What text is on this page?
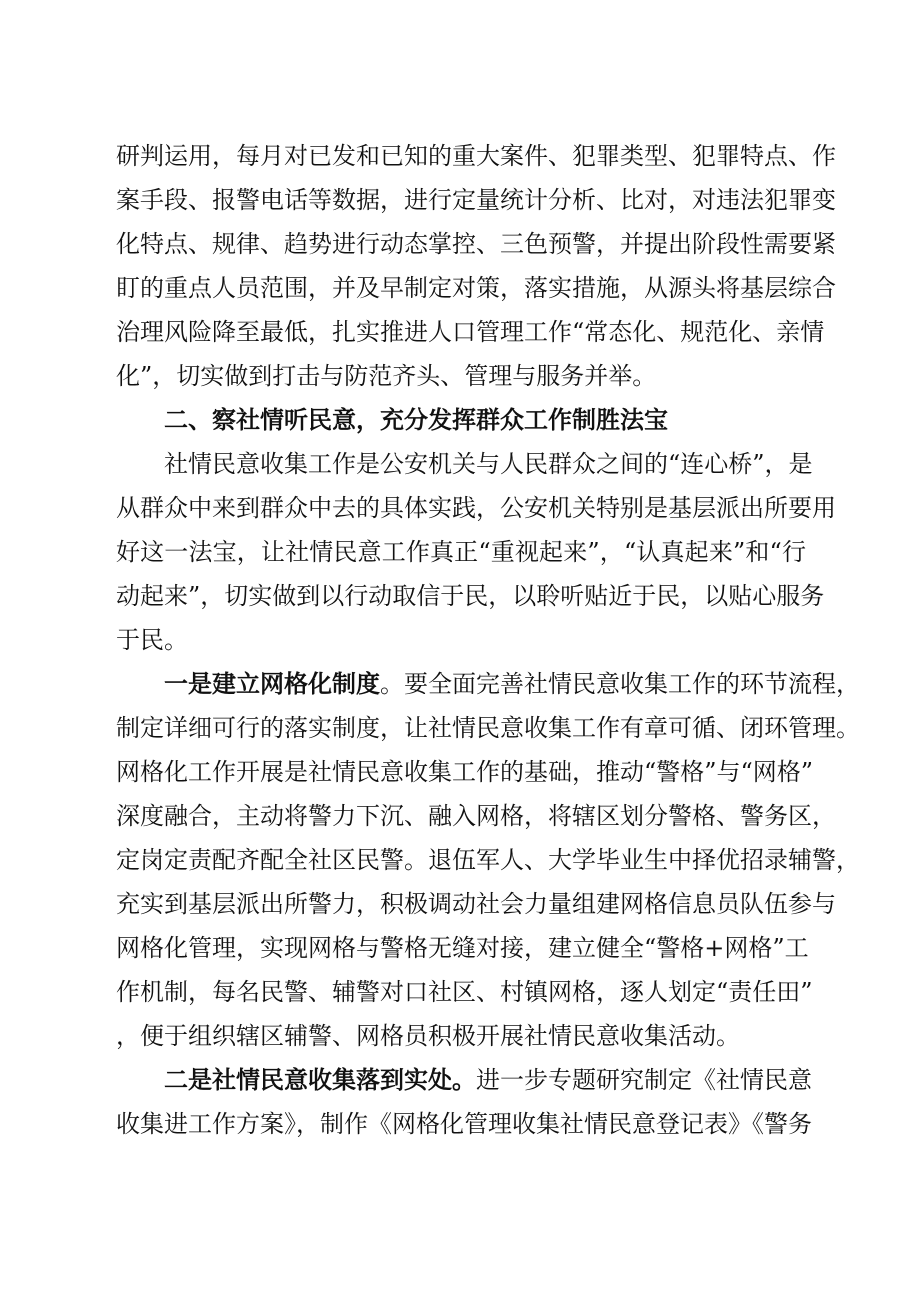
研判运用，每月对已发和已知的重大案件、犯罪类型、犯罪特点、作
案手段、报警电话等数据，进行定量统计分析、比对，对违法犯罪变
化特点、规律、趋势进行动态掌控、三色预警，并提出阶段性需要紧
盯的重点人员范围，并及早制定对策，落实措施，从源头将基层综合
治理风险降至最低，扎实推进人口管理工作“常态化、规范化、亲情
化”，切实做到打击与防范齐头、管理与服务并举。
二、察社情听民意，充分发挥群众工作制胜法宝
社情民意收集工作是公安机关与人民群众之间的“连心桥”，是
从群众中来到群众中去的具体实践，公安机关特别是基层派出所要用
好这一法宝，让社情民意工作真正“重视起来”，“认真起来”和“行
动起来”，切实做到以行动取信于民，以聆听贴近于民，以贴心服务
于民。
一是建立网格化制度。要全面完善社情民意收集工作的环节流程，
制定详细可行的落实制度，让社情民意收集工作有章可循、闭环管理。
网格化工作开展是社情民意收集工作的基础，推动“警格”与“网格”
深度融合，主动将警力下沉、融入网格，将辖区划分警格、警务区，
定岗定责配齐配全社区民警。退伍军人、大学毕业生中择优招录辅警，
充实到基层派出所警力，积极调动社会力量组建网格信息员队伍参与
网格化管理，实现网格与警格无缝对接，建立健全“警格+网格”工
作机制，每名民警、辅警对口社区、村镇网格，逐人划定“责任田”
，便于组织辖区辅警、网格员积极开展社情民意收集活动。
二是社情民意收集落到实处。进一步专题研究制定《社情民意
收集进工作方案》，制作《网格化管理收集社情民意登记表》《警务
